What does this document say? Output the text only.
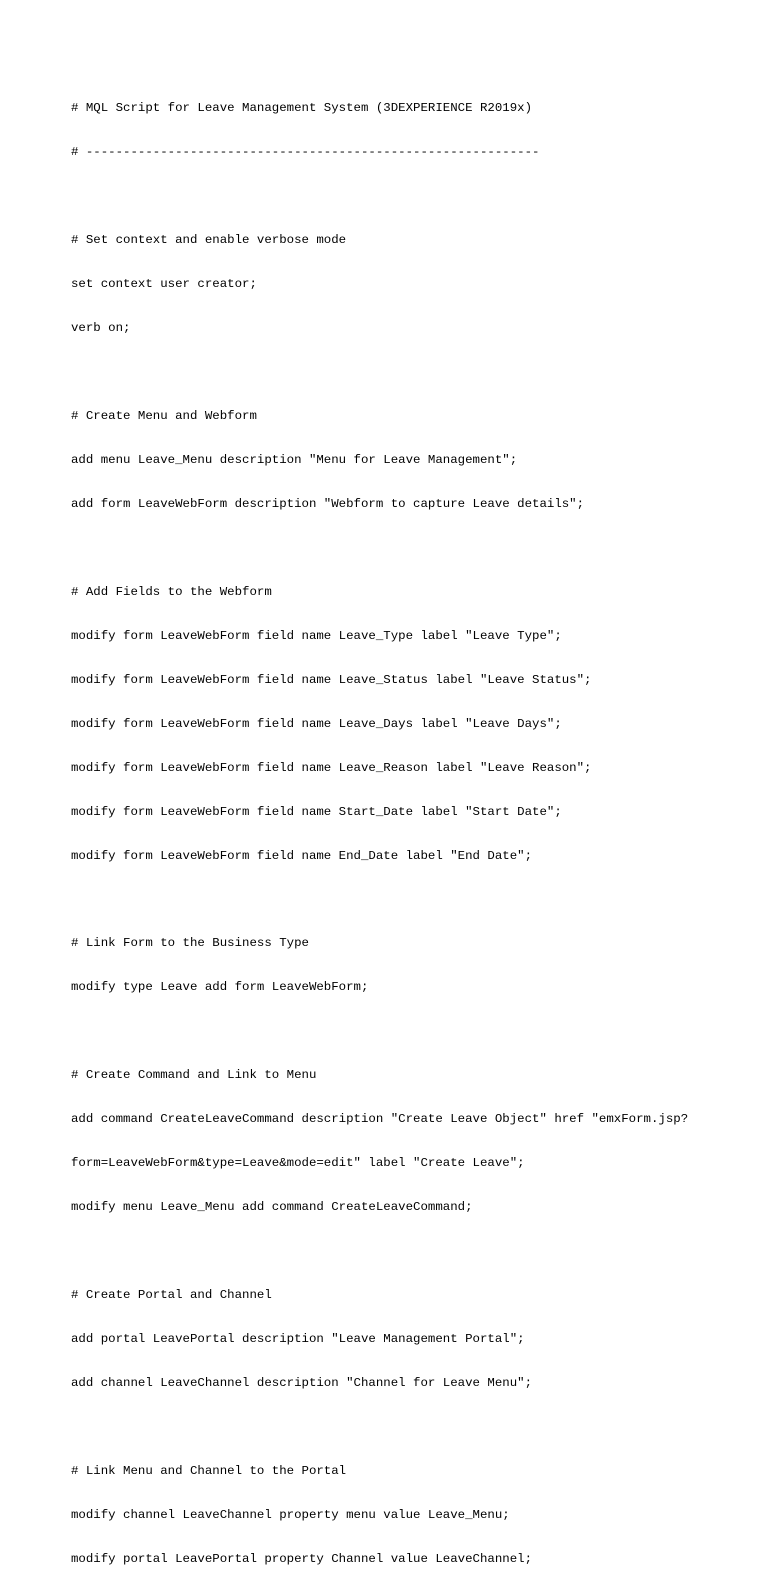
# MQL Script for Leave Management System (3DEXPERIENCE R2019x)

# -------------------------------------------------------------

# Set context and enable verbose mode

set context user creator;

verb on;

# Create Menu and Webform

add menu Leave_Menu description "Menu for Leave Management";

add form LeaveWebForm description "Webform to capture Leave details";

# Add Fields to the Webform

modify form LeaveWebForm field name Leave_Type label "Leave Type";

modify form LeaveWebForm field name Leave_Status label "Leave Status";

modify form LeaveWebForm field name Leave_Days label "Leave Days";

modify form LeaveWebForm field name Leave_Reason label "Leave Reason";

modify form LeaveWebForm field name Start_Date label "Start Date";

modify form LeaveWebForm field name End_Date label "End Date";

# Link Form to the Business Type

modify type Leave add form LeaveWebForm;

# Create Command and Link to Menu

add command CreateLeaveCommand description "Create Leave Object" href "emxForm.jsp?

form=LeaveWebForm&type=Leave&mode=edit" label "Create Leave";

modify menu Leave_Menu add command CreateLeaveCommand;

# Create Portal and Channel

add portal LeavePortal description "Leave Management Portal";

add channel LeaveChannel description "Channel for Leave Menu";

# Link Menu and Channel to the Portal

modify channel LeaveChannel property menu value Leave_Menu;

modify portal LeavePortal property Channel value LeaveChannel;
